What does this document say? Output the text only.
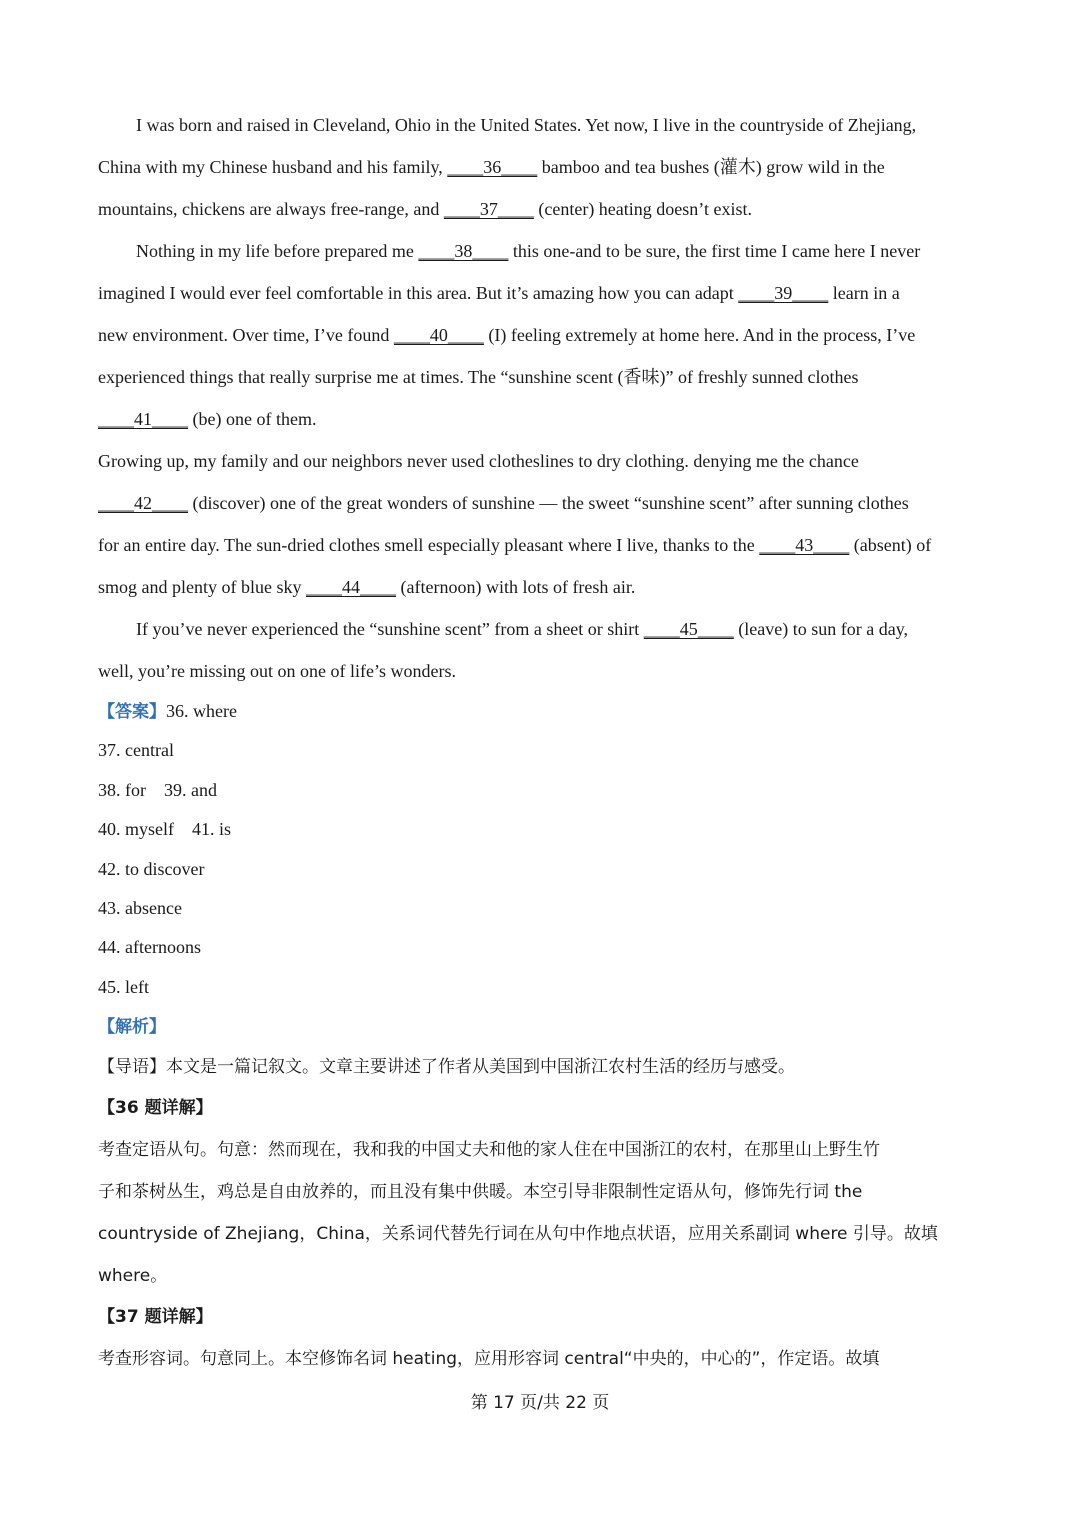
I was born and raised in Cleveland, Ohio in the United States. Yet now, I live in the countryside of Zhejiang,
China with my Chinese husband and his family, ____36____ bamboo and tea bushes (灌木) grow wild in the
mountains, chickens are always free-range, and ____37____ (center) heating doesn’t exist.
Nothing in my life before prepared me ____38____ this one-and to be sure, the first time I came here I never
imagined I would ever feel comfortable in this area. But it’s amazing how you can adapt ____39____ learn in a
new environment. Over time, I’ve found ____40____ (I) feeling extremely at home here. And in the process, I’ve
experienced things that really surprise me at times. The “sunshine scent (香味)” of freshly sunned clothes
____41____ (be) one of them.
Growing up, my family and our neighbors never used clotheslines to dry clothing. denying me the chance
____42____ (discover) one of the great wonders of sunshine — the sweet “sunshine scent” after sunning clothes
for an entire day. The sun-dried clothes smell especially pleasant where I live, thanks to the ____43____ (absent) of
smog and plenty of blue sky ____44____ (afternoon) with lots of fresh air.
If you’ve never experienced the “sunshine scent” from a sheet or shirt ____45____ (leave) to sun for a day,
well, you’re missing out on one of life’s wonders.
【答案】36. where
37. central
38. for    39. and
40. myself    41. is
42. to discover
43. absence
44. afternoons
45. left
【解析】
【导语】本文是一篇记叙文。文章主要讲述了作者从美国到中国浙江农村生活的经历与感受。
【36 题详解】
考查定语从句。句意：然而现在，我和我的中国丈夫和他的家人住在中国浙江的农村，在那里山上野生竹
子和茶树丛生，鸡总是自由放养的，而且没有集中供暖。本空引导非限制性定语从句，修饰先行词 the
countryside of Zhejiang，China，关系词代替先行词在从句中作地点状语，应用关系副词 where 引导。故填
where。
【37 题详解】
考查形容词。句意同上。本空修饰名词 heating，应用形容词 central“中央的，中心的”，作定语。故填
第 17 页/共 22 页
